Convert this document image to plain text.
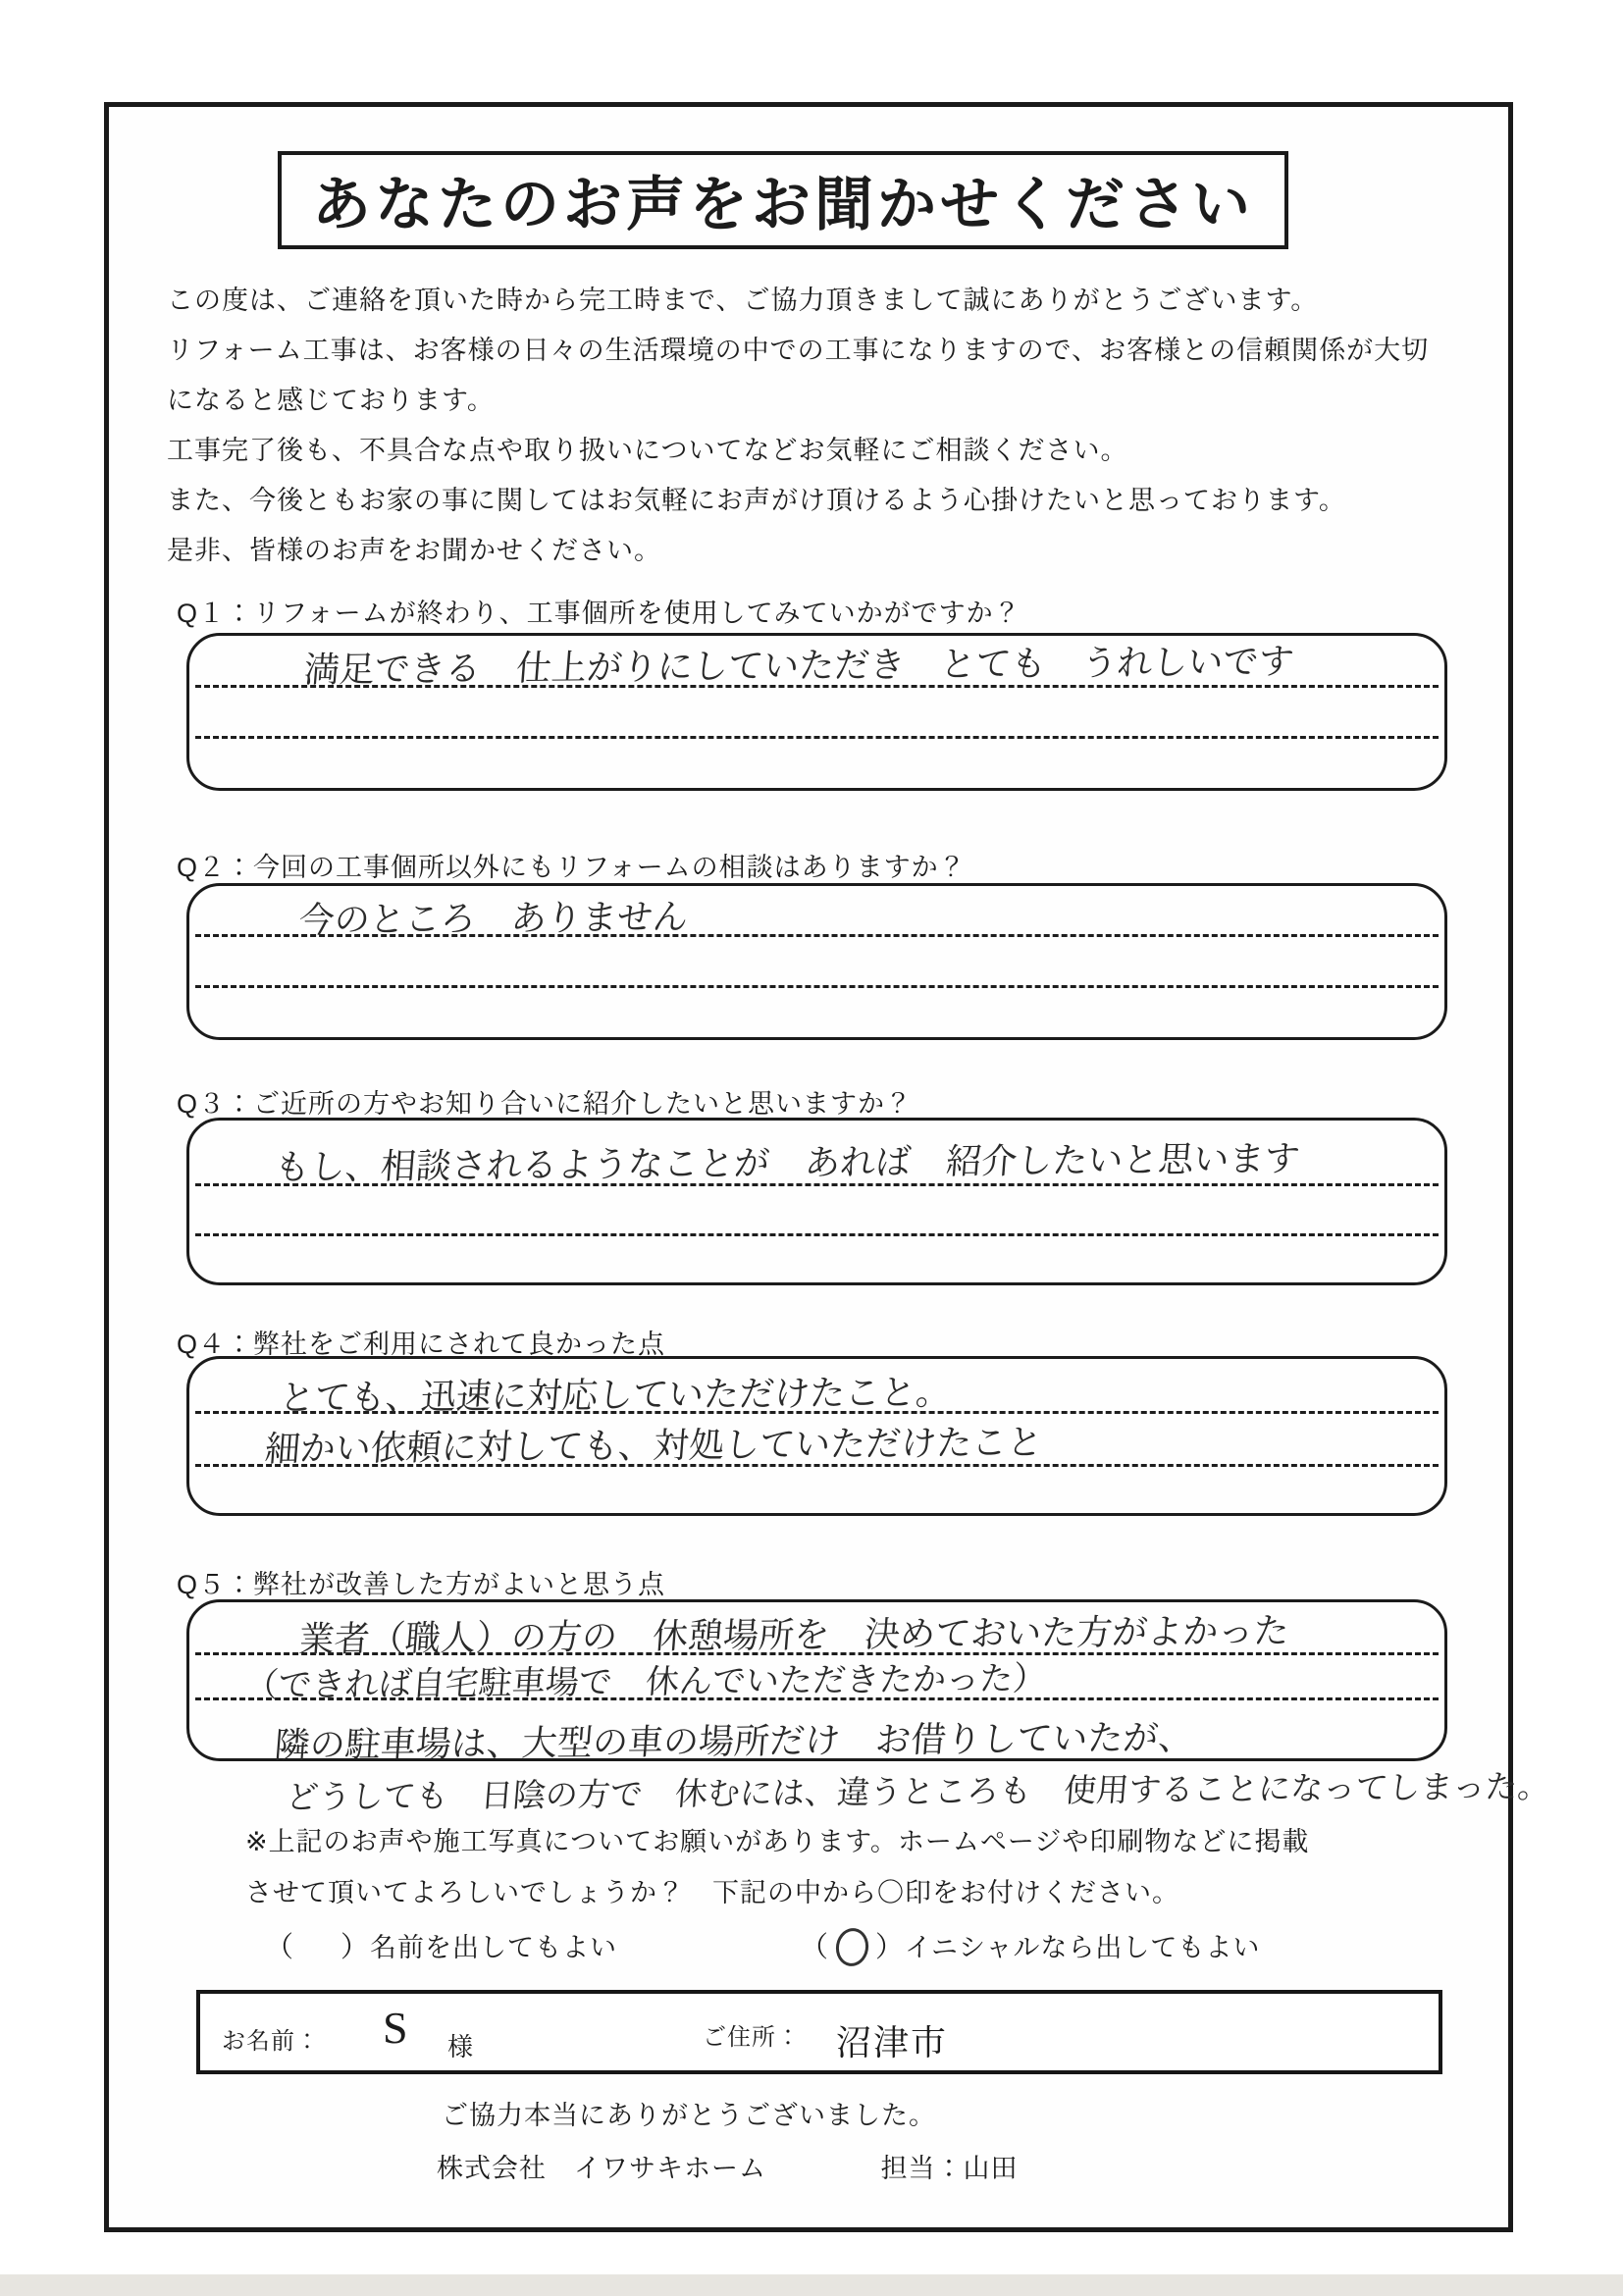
あなたのお声をお聞かせください
この度は、ご連絡を頂いた時から完工時まで、ご協力頂きまして誠にありがとうございます。
リフォーム工事は、お客様の日々の生活環境の中での工事になりますので、お客様との信頼関係が大切
になると感じております。
工事完了後も、不具合な点や取り扱いについてなどお気軽にご相談ください。
また、今後ともお家の事に関してはお気軽にお声がけ頂けるよう心掛けたいと思っております。
是非、皆様のお声をお聞かせください。
Q１：リフォームが終わり、工事個所を使用してみていかがですか？
満足できる　仕上がりにしていただき　とても　うれしいです
Q２：今回の工事個所以外にもリフォームの相談はありますか？
今のところ　ありません
Q３：ご近所の方やお知り合いに紹介したいと思いますか？
もし、相談されるようなことが　あれば　紹介したいと思います
Q４：弊社をご利用にされて良かった点
とても、迅速に対応していただけたこと。
細かい依頼に対しても、対処していただけたこと
Q５：弊社が改善した方がよいと思う点
業者（職人）の方の　休憩場所を　決めておいた方がよかった
（できれば自宅駐車場で　休んでいただきたかった）
隣の駐車場は、大型の車の場所だけ　お借りしていたが、
どうしても　日陰の方で　休むには、違うところも　使用することになってしまった。
※上記のお声や施工写真についてお願いがあります。ホームページや印刷物などに掲載
させて頂いてよろしいでしょうか？　下記の中から〇印をお付けください。
（ ） 名前を出してもよい	（ ） イニシャルなら出してもよい
お名前： S 様	ご住所： 沼津市
ご協力本当にありがとうございました。
株式会社　イワサキホーム	担当：山田
